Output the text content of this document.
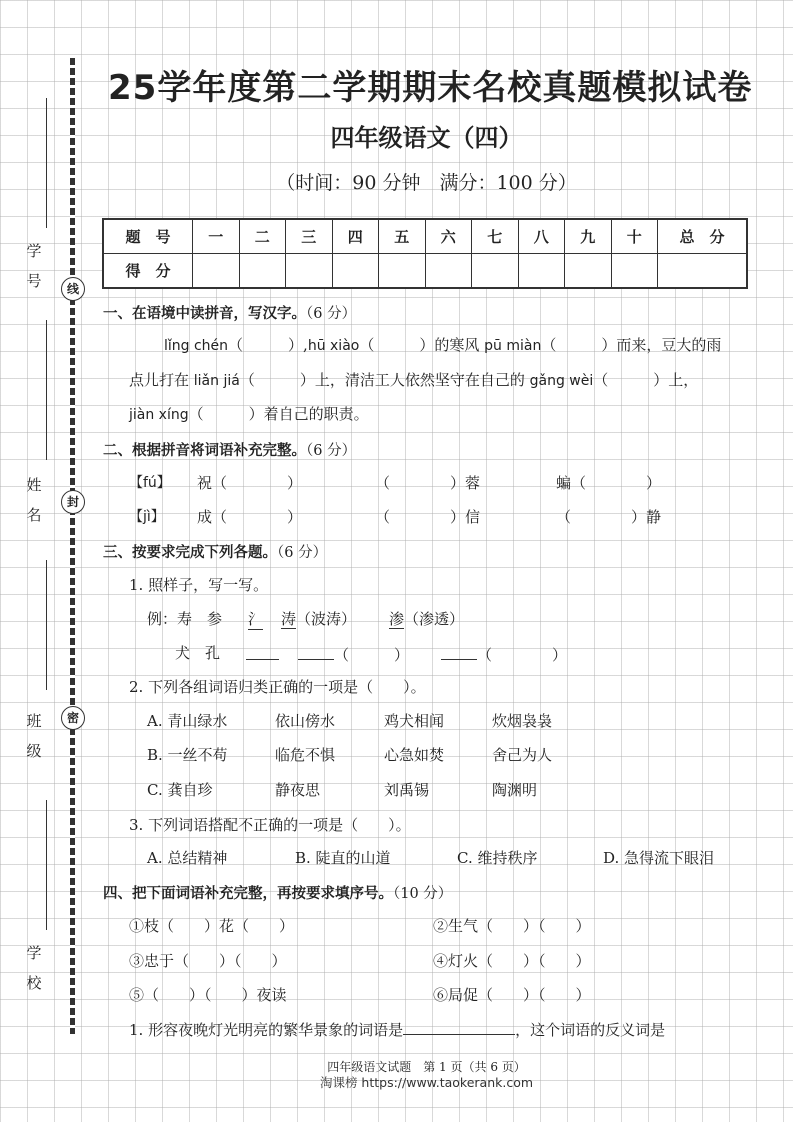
线
封
密
学 号
姓 名
班 级
学 校
25学年度第二学期期末名校真题模拟试卷
四年级语文（四）
（时间：90 分钟　满分：100 分）
题　号	一	二	三	四	五	六	七	八	九	十	总　分
得　分											
一、在语境中读拼音，写汉字。（6 分）
lǐng chén（　　　）,hū xiào（　　　）的寒风 pū miàn（　　　）而来，豆大的雨
点儿打在 liǎn jiá（　　　）上，清洁工人依然坚守在自己的 gǎng wèi（　　　）上，
jiàn xíng（　　　）着自己的职责。
二、根据拼音将词语补充完整。（6 分）
【fú】 祝（　　　　）	（　　　　）蓉	蝙（　　　　）
【jì】 成（　　　　）	（　　　　）信	（　　　　）静
三、按要求完成下列各题。（6 分）
1. 照样子，写一写。
例：寿　参 氵 涛（波涛） 渗（渗透）
犬　孔	（　　　）	（　　　　）
2. 下列各组词语归类正确的一项是（　　）。
A. 青山绿水	依山傍水	鸡犬相闻	炊烟袅袅
B. 一丝不苟	临危不惧	心急如焚	舍己为人
C. 龚自珍	静夜思	刘禹锡	陶渊明
3. 下列词语搭配不正确的一项是（　　）。
A. 总结精神	B. 陡直的山道	C. 维持秩序	D. 急得流下眼泪
四、把下面词语补充完整，再按要求填序号。（10 分）
①枝（　　）花（　　）	②生气（　　）（　　）
③忠于（　　）（　　）	④灯火（　　）（　　）
⑤（　　）（　　）夜读	⑥局促（　　）（　　）
1. 形容夜晚灯光明亮的繁华景象的词语是	，这个词语的反义词是
四年级语文试题　第 1 页（共 6 页）
淘课榜 https://www.taokerank.com
